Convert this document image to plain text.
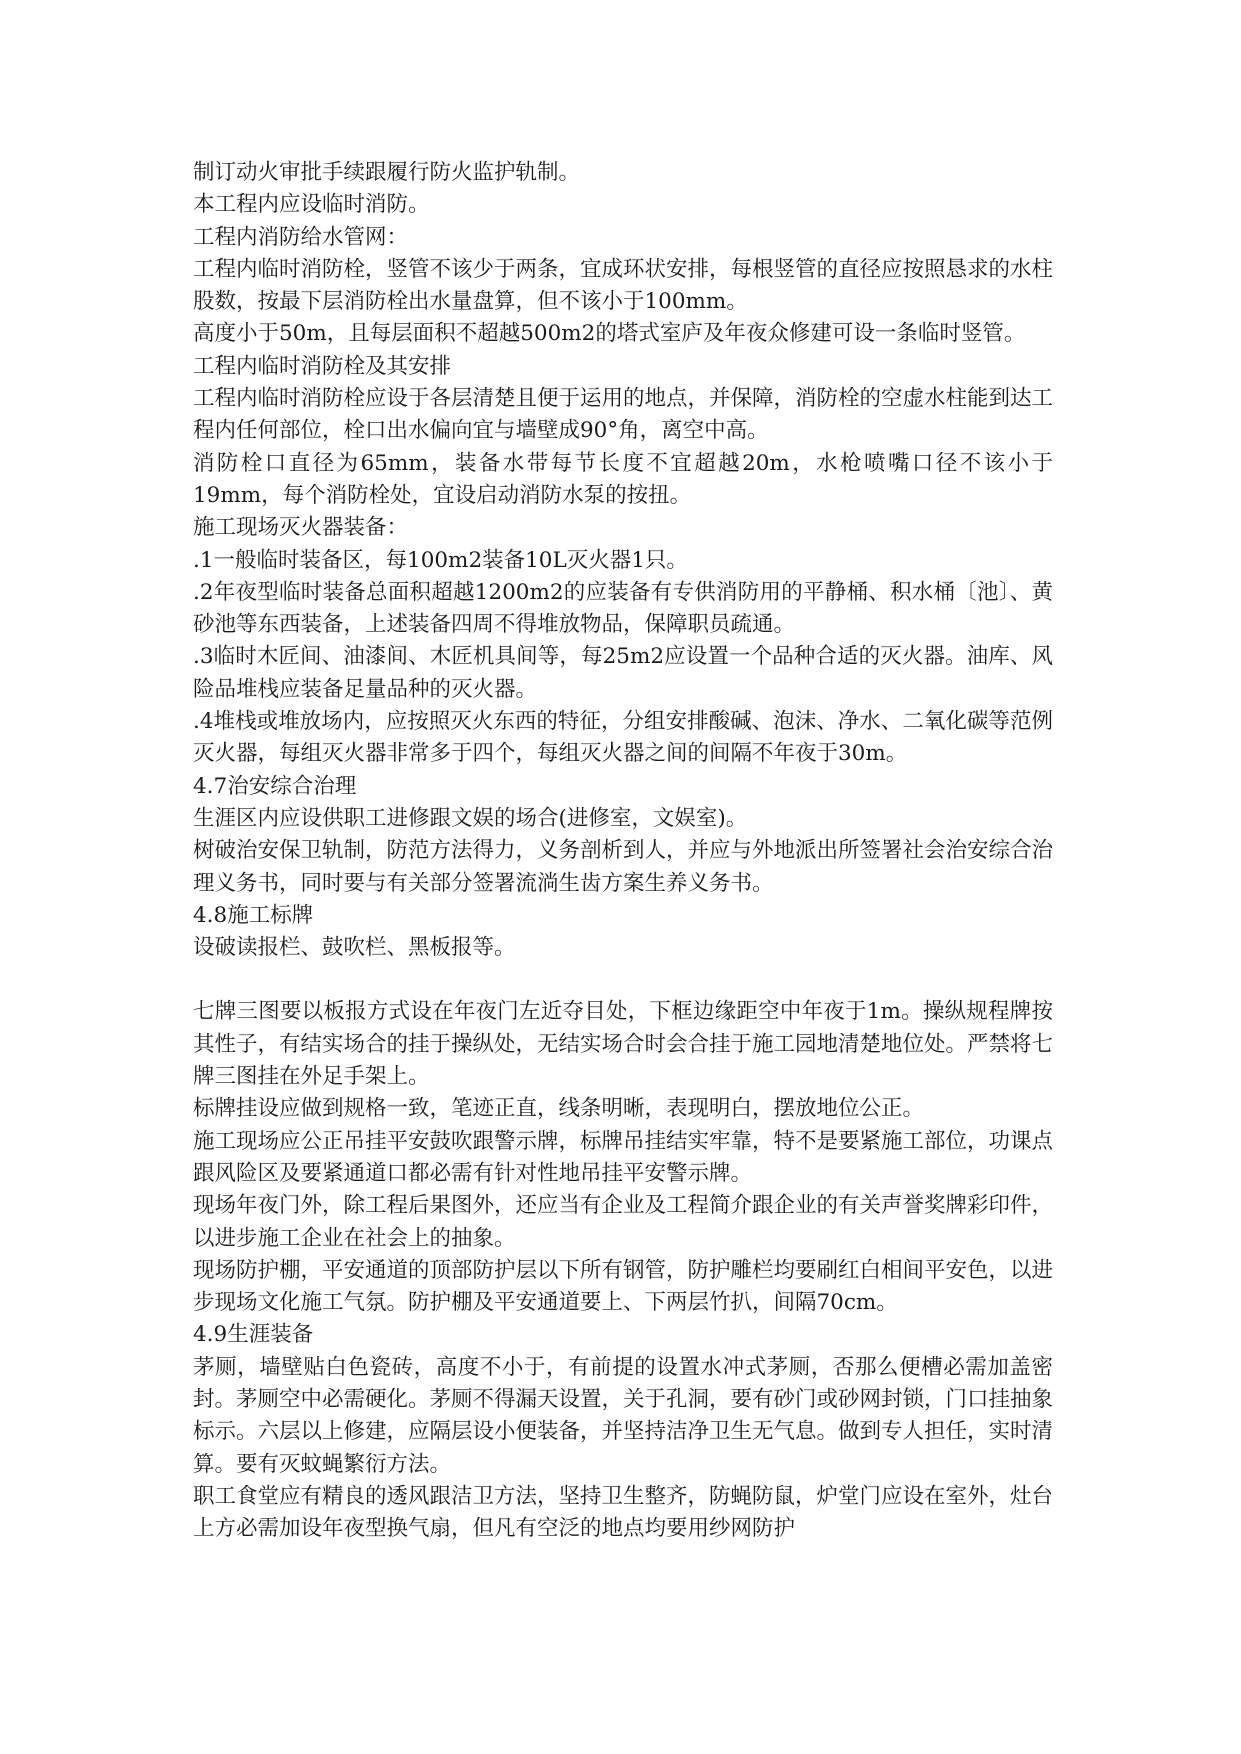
制订动火审批手续跟履行防火监护轨制。

本工程内应设临时消防。

工程内消防给水管网：

工程内临时消防栓，竖管不该少于两条，宜成环状安排，每根竖管的直径应按照恳求的水柱股数，按最下层消防栓出水量盘算，但不该小于100mm。

高度小于50m，且每层面积不超越500m2的塔式室庐及年夜众修建可设一条临时竖管。

工程内临时消防栓及其安排

工程内临时消防栓应设于各层清楚且便于运用的地点，并保障，消防栓的空虚水柱能到达工程内任何部位，栓口出水偏向宜与墙壁成90°角，离空中高。

消防栓口直径为65mm，装备水带每节长度不宜超越20m，水枪喷嘴口径不该小于19mm，每个消防栓处，宜设启动消防水泵的按扭。

施工现场灭火器装备：

.1一般临时装备区，每100m2装备10L灭火器1只。

.2年夜型临时装备总面积超越1200m2的应装备有专供消防用的平静桶、积水桶〔池〕、黄砂池等东西装备，上述装备四周不得堆放物品，保障职员疏通。

.3临时木匠间、油漆间、木匠机具间等，每25m2应设置一个品种合适的灭火器。油库、风险品堆栈应装备足量品种的灭火器。

.4堆栈或堆放场内，应按照灭火东西的特征，分组安排酸碱、泡沫、净水、二氧化碳等范例灭火器，每组灭火器非常多于四个，每组灭火器之间的间隔不年夜于30m。

4.7治安综合治理

生涯区内应设供职工进修跟文娱的场合(进修室，文娱室)。

树破治安保卫轨制，防范方法得力，义务剖析到人，并应与外地派出所签署社会治安综合治理义务书，同时要与有关部分签署流淌生齿方案生养义务书。

4.8施工标牌

设破读报栏、鼓吹栏、黑板报等。

七牌三图要以板报方式设在年夜门左近夺目处，下框边缘距空中年夜于1m。操纵规程牌按其性子，有结实场合的挂于操纵处，无结实场合时会合挂于施工园地清楚地位处。严禁将七牌三图挂在外足手架上。

标牌挂设应做到规格一致，笔迹正直，线条明晰，表现明白，摆放地位公正。

施工现场应公正吊挂平安鼓吹跟警示牌，标牌吊挂结实牢靠，特不是要紧施工部位，功课点跟风险区及要紧通道口都必需有针对性地吊挂平安警示牌。

现场年夜门外，除工程后果图外，还应当有企业及工程简介跟企业的有关声誉奖牌彩印件，以进步施工企业在社会上的抽象。

现场防护棚，平安通道的顶部防护层以下所有钢管，防护雕栏均要刷红白相间平安色，以进步现场文化施工气氛。防护棚及平安通道要上、下两层竹扒，间隔70cm。

4.9生涯装备

茅厕，墙壁贴白色瓷砖，高度不小于，有前提的设置水冲式茅厕，否那么便槽必需加盖密封。茅厕空中必需硬化。茅厕不得漏天设置，关于孔洞，要有砂门或砂网封锁，门口挂抽象标示。六层以上修建，应隔层设小便装备，并坚持洁净卫生无气息。做到专人担任，实时清算。要有灭蚊蝇繁衍方法。

职工食堂应有精良的透风跟洁卫方法，坚持卫生整齐，防蝇防鼠，炉堂门应设在室外，灶台上方必需加设年夜型换气扇，但凡有空泛的地点均要用纱网防护
